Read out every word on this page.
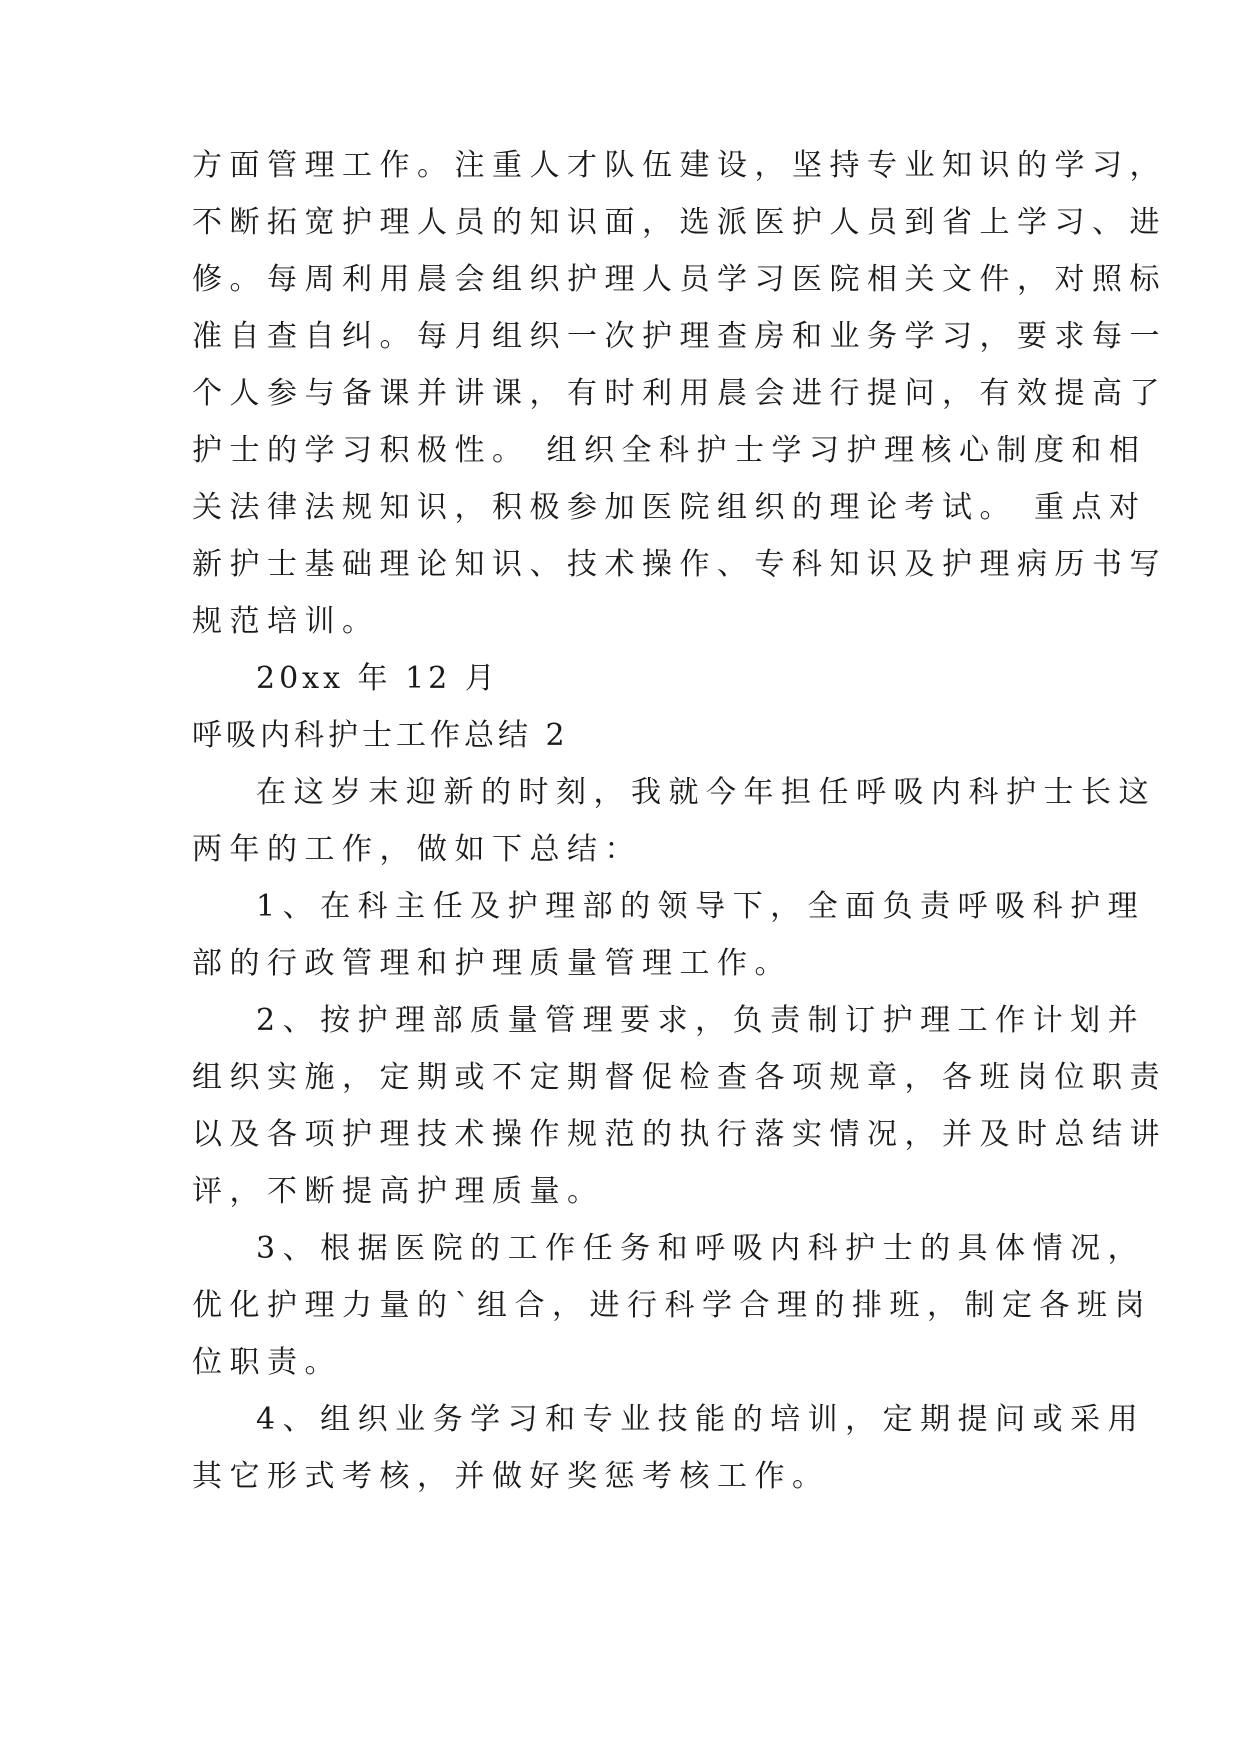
方面管理工作。注重人才队伍建设，坚持专业知识的学习，
不断拓宽护理人员的知识面，选派医护人员到省上学习、进
修。每周利用晨会组织护理人员学习医院相关文件，对照标
准自查自纠。每月组织一次护理查房和业务学习，要求每一
个人参与备课并讲课，有时利用晨会进行提问，有效提高了
护士的学习积极性。 组织全科护士学习护理核心制度和相
关法律法规知识，积极参加医院组织的理论考试。 重点对
新护士基础理论知识、技术操作、专科知识及护理病历书写
规范培训。
20xx 年 12 月
呼吸内科护士工作总结 2
在这岁末迎新的时刻，我就今年担任呼吸内科护士长这
两年的工作，做如下总结：
1、在科主任及护理部的领导下，全面负责呼吸科护理
部的行政管理和护理质量管理工作。
2、按护理部质量管理要求，负责制订护理工作计划并
组织实施，定期或不定期督促检查各项规章，各班岗位职责
以及各项护理技术操作规范的执行落实情况，并及时总结讲
评，不断提高护理质量。
3、根据医院的工作任务和呼吸内科护士的具体情况，
优化护理力量的`组合，进行科学合理的排班，制定各班岗
位职责。
4、组织业务学习和专业技能的培训，定期提问或采用
其它形式考核，并做好奖惩考核工作。
